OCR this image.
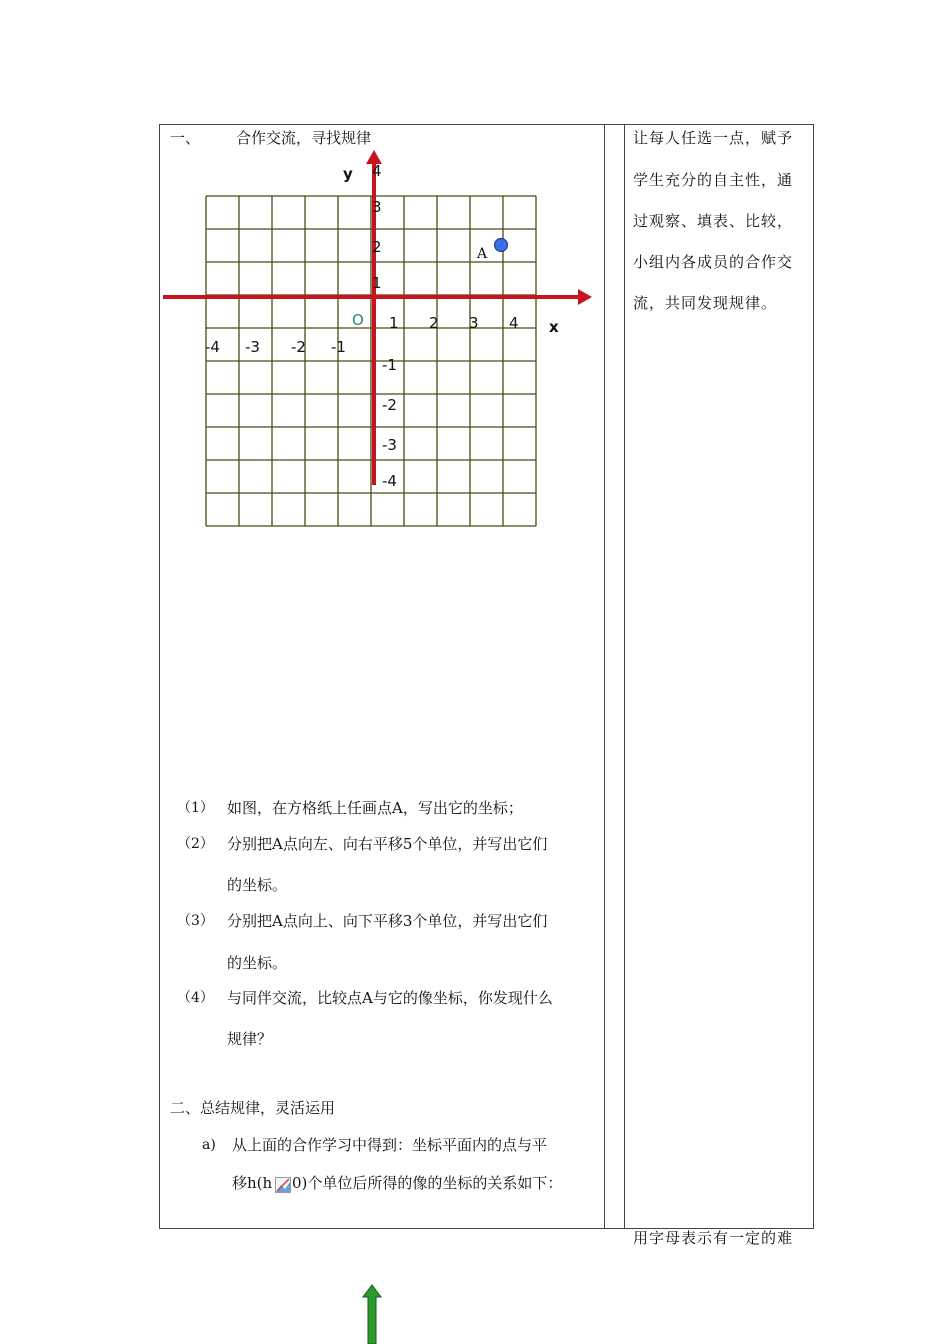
一、 合作交流，寻找规律
y
x
O
A
4
3
2
1
1 2 3 4
-4 -3 -2 -1
-1
-2
-3
-4
（1） 如图，在方格纸上任画点A，写出它的坐标；
（2） 分别把A点向左、向右平移5个单位，并写出它们
的坐标。
（3） 分别把A点向上、向下平移3个单位，并写出它们
的坐标。
（4） 与同伴交流，比较点A与它的像坐标，你发现什么
规律？
二、总结规律，灵活运用
a) 从上面的合作学习中得到：坐标平面内的点与平
移h(h 0)个单位后所得的像的坐标的关系如下：
让每人任选一点，赋予
学生充分的自主性，通
过观察、填表、比较，
小组内各成员的合作交
流，共同发现规律。
用字母表示有一定的难
